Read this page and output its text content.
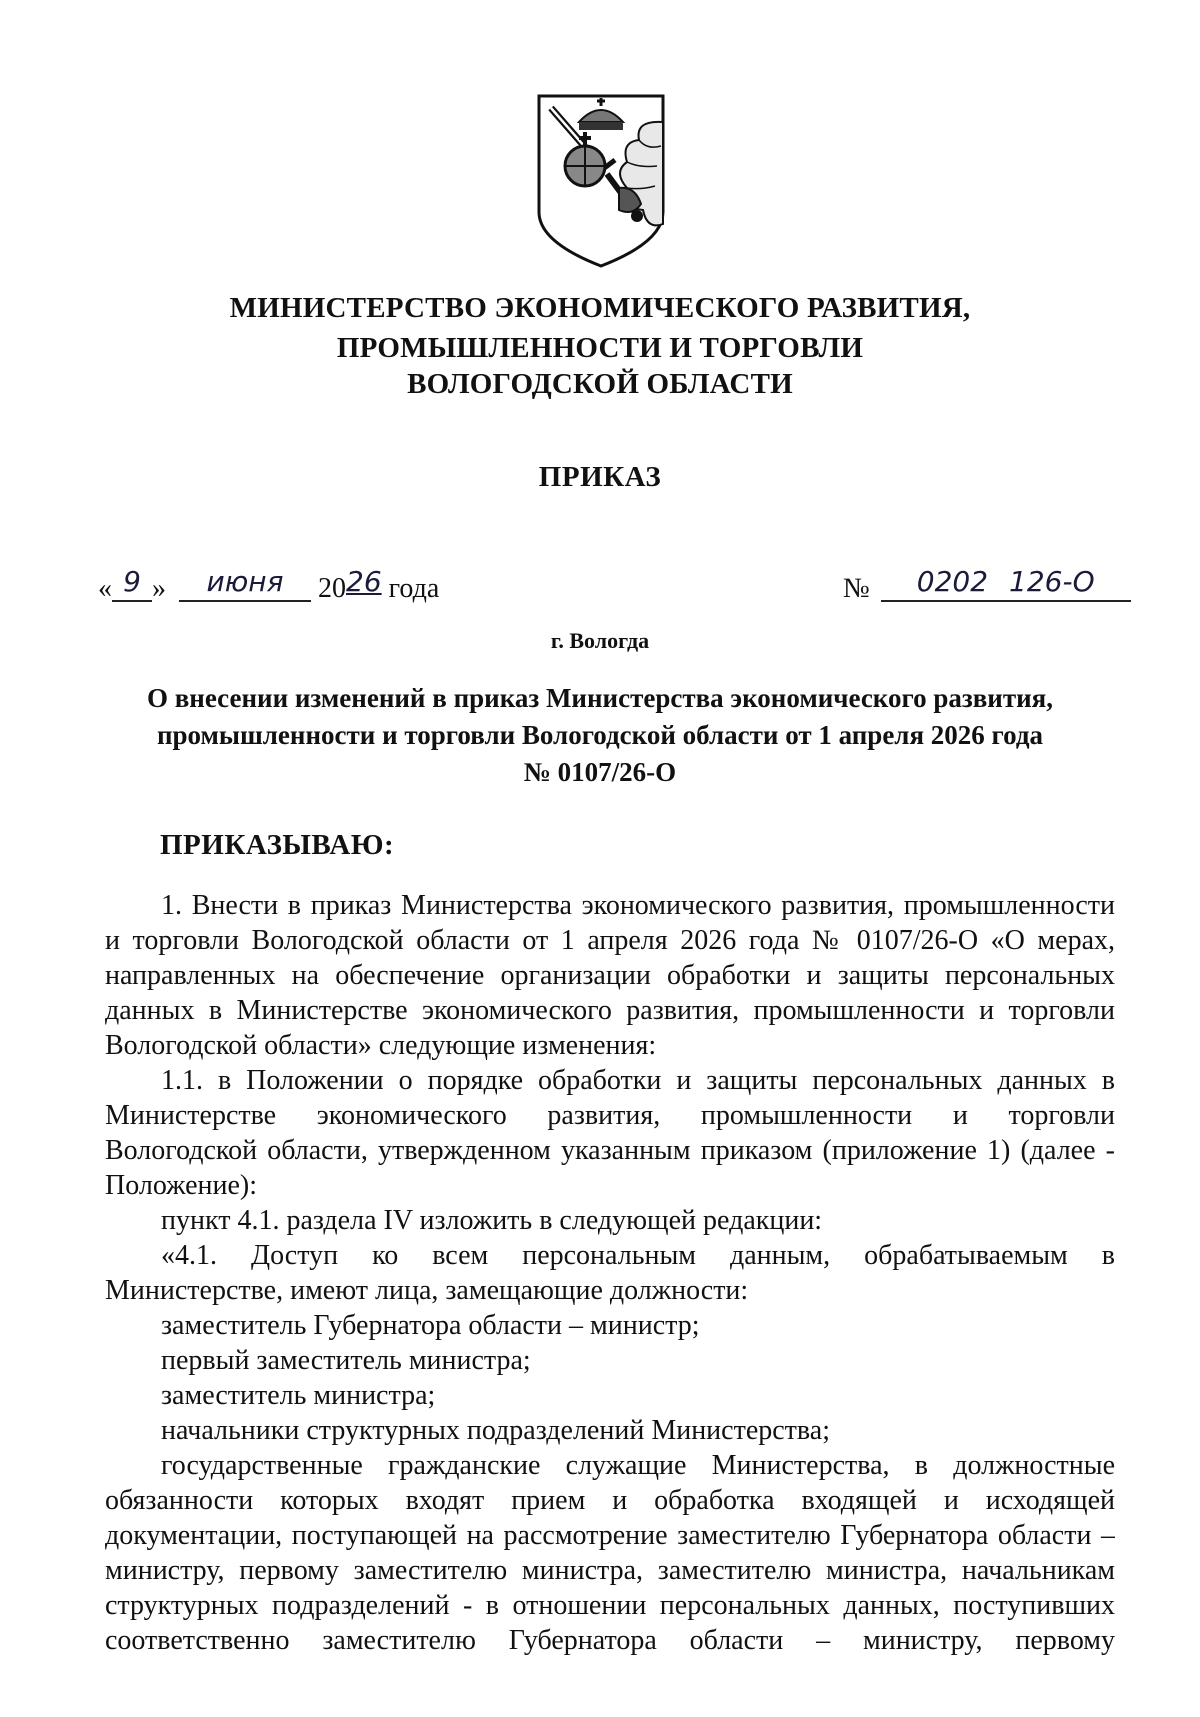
МИНИСТЕРСТВО ЭКОНОМИЧЕСКОГО РАЗВИТИЯ,
ПРОМЫШЛЕННОСТИ И ТОРГОВЛИ
ВОЛОГОДСКОЙ ОБЛАСТИ
ПРИКАЗ
« 9 » июня 2026 года	№ 0202 126-О
г. Вологда
О внесении изменений в приказ Министерства экономического развития,
промышленности и торговли Вологодской области от 1 апреля 2026 года
№ 0107/26-О
ПРИКАЗЫВАЮ:
1. Внести в приказ Министерства экономического развития, промышленности
и торговли Вологодской области от 1 апреля 2026 года № 0107/26-О «О мерах,
направленных на обеспечение организации обработки и защиты персональных
данных в Министерстве экономического развития, промышленности и торговли
Вологодской области» следующие изменения:
1.1. в Положении о порядке обработки и защиты персональных данных в
Министерстве экономического развития, промышленности и торговли
Вологодской области, утвержденном указанным приказом (приложение 1) (далее -
Положение):
пункт 4.1. раздела IV изложить в следующей редакции:
«4.1. Доступ ко всем персональным данным, обрабатываемым в
Министерстве, имеют лица, замещающие должности:
заместитель Губернатора области – министр;
первый заместитель министра;
заместитель министра;
начальники структурных подразделений Министерства;
государственные гражданские служащие Министерства, в должностные
обязанности которых входят прием и обработка входящей и исходящей
документации, поступающей на рассмотрение заместителю Губернатора области –
министру, первому заместителю министра, заместителю министра, начальникам
структурных подразделений - в отношении персональных данных, поступивших
соответственно заместителю Губернатора области – министру, первому
